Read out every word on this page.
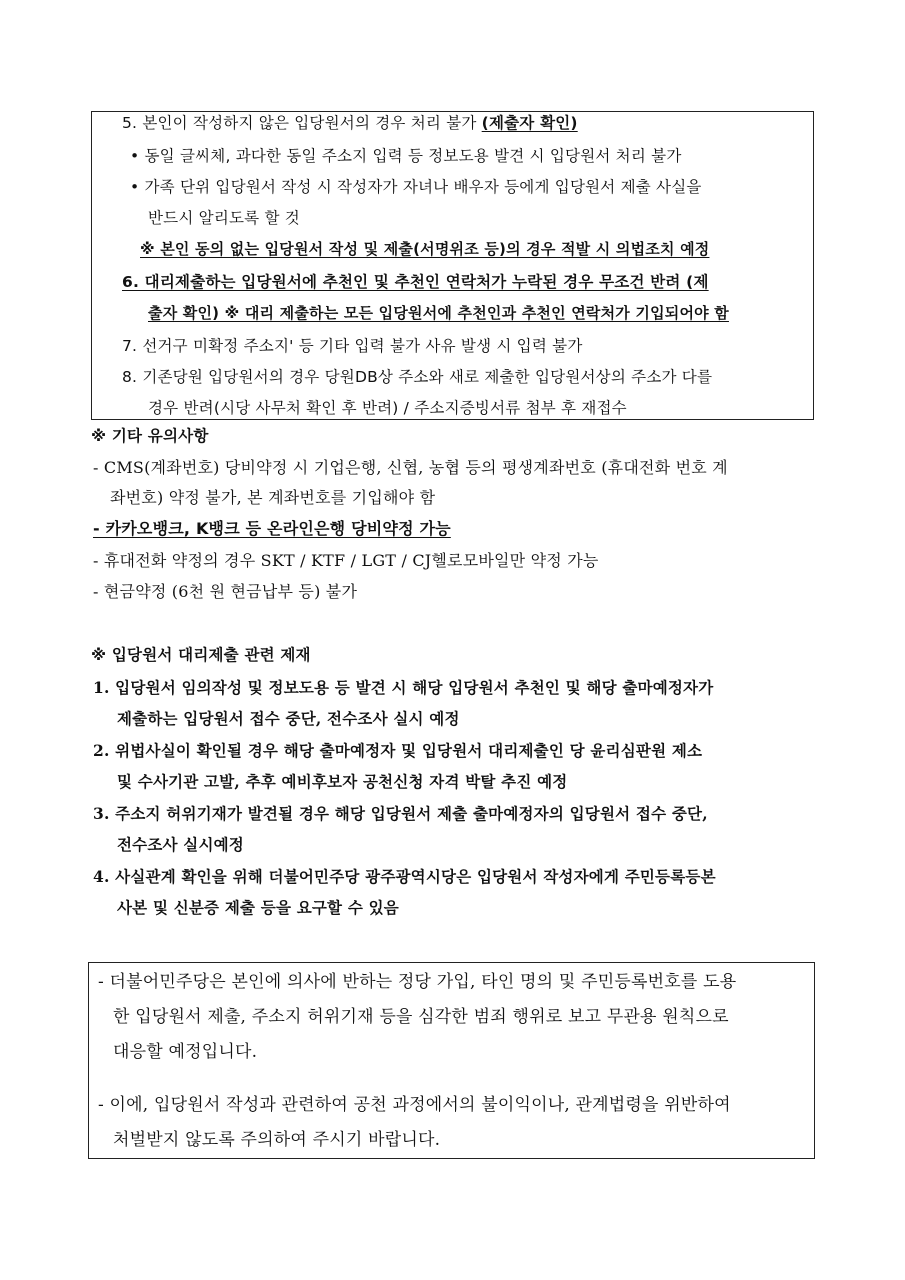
5. 본인이 작성하지 않은 입당원서의 경우 처리 불가 (제출자 확인)
• 동일 글씨체, 과다한 동일 주소지 입력 등 정보도용 발견 시 입당원서 처리 불가
• 가족 단위 입당원서 작성 시 작성자가 자녀나 배우자 등에게 입당원서 제출 사실을
반드시 알리도록 할 것
※ 본인 동의 없는 입당원서 작성 및 제출(서명위조 등)의 경우 적발 시 의법조치 예정
6. 대리제출하는 입당원서에 추천인 및 추천인 연락처가 누락된 경우 무조건 반려 (제
출자 확인) ※ 대리 제출하는 모든 입당원서에 추천인과 추천인 연락처가 기입되어야 함
7. 선거구 미확정 주소지' 등 기타 입력 불가 사유 발생 시 입력 불가
8. 기존당원 입당원서의 경우 당원DB상 주소와 새로 제출한 입당원서상의 주소가 다를
경우 반려(시당 사무처 확인 후 반려) / 주소지증빙서류 첨부 후 재접수
※ 기타 유의사항
- CMS(계좌번호) 당비약정 시 기업은행, 신협, 농협 등의 평생계좌번호 (휴대전화 번호 계
좌번호) 약정 불가, 본 계좌번호를 기입해야 함
- 카카오뱅크, K뱅크 등 온라인은행 당비약정 가능
- 휴대전화 약정의 경우 SKT / KTF / LGT / CJ헬로모바일만 약정 가능
- 현금약정 (6천 원 현금납부 등) 불가
※ 입당원서 대리제출 관련 제재
1. 입당원서 임의작성 및 정보도용 등 발견 시 해당 입당원서 추천인 및 해당 출마예정자가
제출하는 입당원서 접수 중단, 전수조사 실시 예정
2. 위법사실이 확인될 경우 해당 출마예정자 및 입당원서 대리제출인 당 윤리심판원 제소
및 수사기관 고발, 추후 예비후보자 공천신청 자격 박탈 추진 예정
3. 주소지 허위기재가 발견될 경우 해당 입당원서 제출 출마예정자의 입당원서 접수 중단,
전수조사 실시예정
4. 사실관계 확인을 위해 더불어민주당 광주광역시당은 입당원서 작성자에게 주민등록등본
사본 및 신분증 제출 등을 요구할 수 있음
- 더불어민주당은 본인에 의사에 반하는 정당 가입, 타인 명의 및 주민등록번호를 도용
한 입당원서 제출, 주소지 허위기재 등을 심각한 범죄 행위로 보고 무관용 원칙으로
대응할 예정입니다.
- 이에, 입당원서 작성과 관련하여 공천 과정에서의 불이익이나, 관계법령을 위반하여
처벌받지 않도록 주의하여 주시기 바랍니다.
